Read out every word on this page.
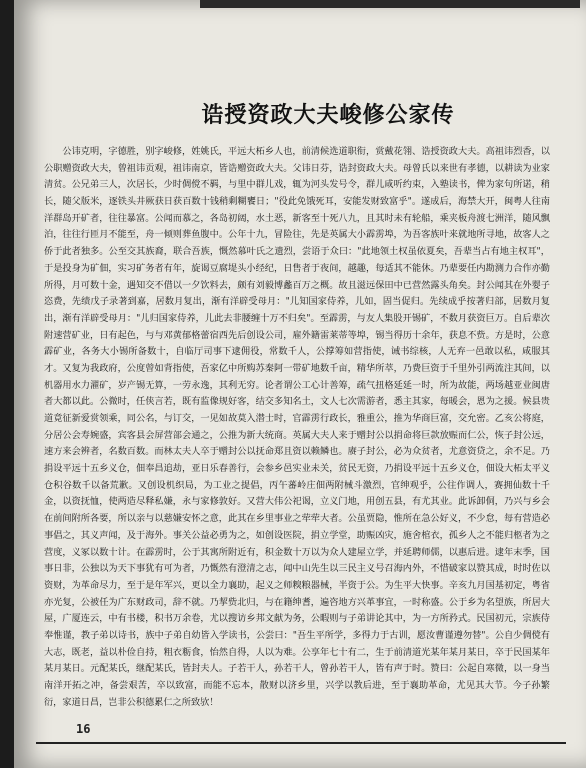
诰授资政大夫峻修公家传

公讳克明，字德胜，别字峻修，姓姚氏，平远大柘乡人也，前清候选道职衔，赏戴花翎、诰授资政大夫。高祖讳烈香，以公职赠资政大夫，曾祖讳贡观，祖讳南京，皆诰赠资政大夫。父讳日芬，诰封资政大夫。母曾氏以来世有孝德，以耕读为业家清贫。公兄弟三人，次居长，少时倜傥不羁，与里中群儿戏，辄为河头发号令，群儿咸听约束，入塾读书，俾为家句所诺，稍长，随父版米，逐铁头井厥获日获百数十钱稍剩糊饔日；"役此免饿死耳，安能发财致富乎"。遂成后，海禁大开，闽粤人往南洋群岛开矿者，往往暴富。公闻而慕之，各岛初阔，水土恶，新客至十死八九，且其时未有轮船，乘夹板舟渡七洲洋，随风飘泊，往往行匝月不能至，舟一倾则葬鱼腹中。公年十九，冒险往，先是英属大小霹雳埠，为吾客族叶来就地所寻地，故客人之侨于此者独多。公至交其族裔，联合吾族，慨然慕叶氏之遗烈，尝语于众曰："此地领土权虽依夏矣，吾辈当占有地主权耳"，于是投身为矿佃，实习矿务者有年，旋谒豆腐堤头小经纪，日售者于夜间，越趣，每适其不能休。乃辈要任内勘测力合作亦勤所得，月可数十金，遇知交不借以一夕饮料去，颇有刘毅博蠡百万之概。故且滋远保田中已营然露头角矣。封公闻其在外婴子恣费，先绩戊子录著到嘉，居数月复出，渐有洋辟受母月："儿知国家侍养，儿如，固当促归。先续成乎按著归部，居数月复出，渐有洋辟受母月："儿归国家侍养，儿此去非腰缠十万不归矣"。至霹雳，与友人集股开锡矿，不数月获资巨万。自后辈次附速营矿业，日有起色，与与邓黄郁格蕾宿西先后创设公司，雇外籍雷莱蒂等埠，锡当得历十余年，获息不赀。方是时，公意霹矿业，各务大小锡所备数十，自临厅司事下逮佣役，常数千人，公撑筹如营指使，诫书综核，人无弃一邑敢以私，咸服其才。又复为我政府，公度曾如背指使，吾家亿中所购苏秦阿一带矿地数千亩，精华所萃，乃费巨资于千里外引两流注其间，以机器用水力濯矿，岁产锡无算，一劳永逸，其利无穷。论者谓公工心计善筹，疏气扭格延延一时，所为故能，两场越亚业闽唐者大都以此。公微时，任侠言若，既有监像规好客，结交多知名土，文人七次需游者，悉主其家，每暖会，恩为之援。候县贵道竟征新爱赏领乘，同公名，与订交，一见如故莫入潜士时，官霹雳行政长，雅重公，推为华商巨富，交允密。乙亥公将庭，分居公会寿婉盛，宾客县会屏营部会通之，公推为新大统商。英属大夫人来于赠封公以捐命将巨款放赈而仁公，恢子封公远，速方来会辨者，名数百数。而林太夫人卒于赠封公以抚命郑且资以赖鳞也。赓子封公，必为众贫者，尤意资贷之，余不足。乃捐设平远十五乡义仓，佃奉昌追劫，亚日乐春善行，会参乡邑实业未关，贫民无资，乃捐设平远十五乡义仓，佃设大柘太平义仓积谷数千以备荒歉。又创设机织局，为工业之提倡，丙午蕃岭庄佃两附械斗激烈，官绅观乎，公往作调人，赛拥仙数十千金，以资抚恤，使两造尽释私嫌，永与家修敦好。又营大伟公祀谒，立义门地，用创五县，有尤其业。此诉卸侗，乃兴与乡会在前间附所各要，所以亲与以慈嫌安怀之意，此其在乡里事业之荦荦大者。公虽贾隐，惟所在急公好义，不少怠，每有营造必事倡之，其义声闻，及于海外。事关公益必勇为之，如创设医院，捐立学堂，助赈凶灾，施舍棺衣，孤乡人之不能归柩者为之营度，义冢以数十计。在霹雳时，公于其寓所附近有，积金数十万以为众人建屋立学，并延聘师儒，以惠后进。逮年末季，国事日非，公独以为天下事犹有可为者，乃慨然有澄清之志，闻中山先生以三民主义号召海内外，不惜破家以赞其成，时时佐以资财，为革命尽力，至于是年军兴，更以全力襄助，起义之师糗粮器械，半资于公。为生平大快事。辛亥九月国基初定，粤省亦光复，公被任为广东财政司，辞不就。乃挈赀北归，与在籍绅耆，遍咨地方兴革事宜，一时称盛。公于乡为名望族，所居大屋，广厦连云，中有书楼，积书万余卷，尤以搜访乡邦文献为务，公暇则与子弟讲论其中，为一方所矜式。民国初元，宗族侍奉惟谨，教子弟以诗书，族中子弟自幼皆入学读书，公尝曰："吾生平所学，多得力于古训，愿汝曹谨遵勿替"。公自少倜傥有大志，既老，益以朴俭自持，粗衣粝食，怡然自得，人以为难。公享年七十有二，生于前清道光某年某月某日，卒于民国某年某月某日。元配某氏，继配某氏，皆封夫人。子若干人，孙若干人，曾孙若干人，皆有声于时。赞曰：公起自寒微，以一身当南洋开拓之冲，备尝艰苦，卒以致富，而能不忘本，散财以济乡里，兴学以教后进，至于襄助革命，尤见其大节。今子孙繁衍，家道日昌，岂非公积德累仁之所致欤！

16
